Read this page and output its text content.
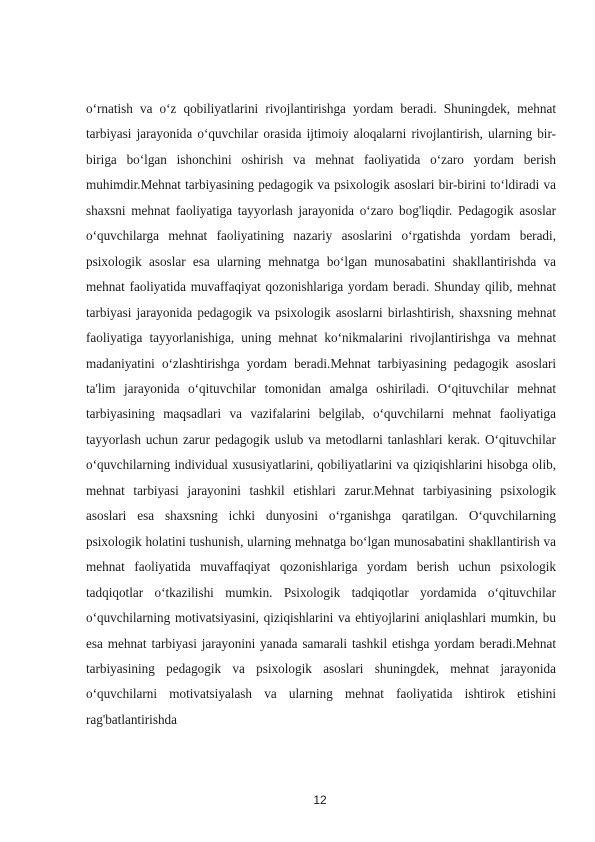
o‘rnatish va o‘z qobiliyatlarini rivojlantirishga yordam beradi. Shuningdek, mehnat tarbiyasi jarayonida o‘quvchilar orasida ijtimoiy aloqalarni rivojlantirish, ularning bir-biriga bo‘lgan ishonchini oshirish va mehnat faoliyatida o‘zaro yordam berish muhimdir.Mehnat tarbiyasining pedagogik va psixologik asoslari bir-birini to‘ldiradi va shaxsni mehnat faoliyatiga tayyorlash jarayonida o‘zaro bog'liqdir. Pedagogik asoslar o‘quvchilarga mehnat faoliyatining nazariy asoslarini o‘rgatishda yordam beradi, psixologik asoslar esa ularning mehnatga bo‘lgan munosabatini shakllantirishda va mehnat faoliyatida muvaffaqiyat qozonishlariga yordam beradi. Shunday qilib, mehnat tarbiyasi jarayonida pedagogik va psixologik asoslarni birlashtirish, shaxsning mehnat faoliyatiga tayyorlanishiga, uning mehnat ko‘nikmalarini rivojlantirishga va mehnat madaniyatini o‘zlashtirishga yordam beradi.Mehnat tarbiyasining pedagogik asoslari ta'lim jarayonida o‘qituvchilar tomonidan amalga oshiriladi. O‘qituvchilar mehnat tarbiyasining maqsadlari va vazifalarini belgilab, o‘quvchilarni mehnat faoliyatiga tayyorlash uchun zarur pedagogik uslub va metodlarni tanlashlari kerak. O‘qituvchilar o‘quvchilarning individual xususiyatlarini, qobiliyatlarini va qiziqishlarini hisobga olib, mehnat tarbiyasi jarayonini tashkil etishlari zarur.Mehnat tarbiyasining psixologik asoslari esa shaxsning ichki dunyosini o‘rganishga qaratilgan. O‘quvchilarning psixologik holatini tushunish, ularning mehnatga bo‘lgan munosabatini shakllantirish va mehnat faoliyatida muvaffaqiyat qozonishlariga yordam berish uchun psixologik tadqiqotlar o‘tkazilishi mumkin. Psixologik tadqiqotlar yordamida o‘qituvchilar o‘quvchilarning motivatsiyasini, qiziqishlarini va ehtiyojlarini aniqlashlari mumkin, bu esa mehnat tarbiyasi jarayonini yanada samarali tashkil etishga yordam beradi.Mehnat tarbiyasining pedagogik va psixologik asoslari shuningdek, mehnat jarayonida o‘quvchilarni motivatsiyalash va ularning mehnat faoliyatida ishtirok etishini rag'batlantirishda

12
